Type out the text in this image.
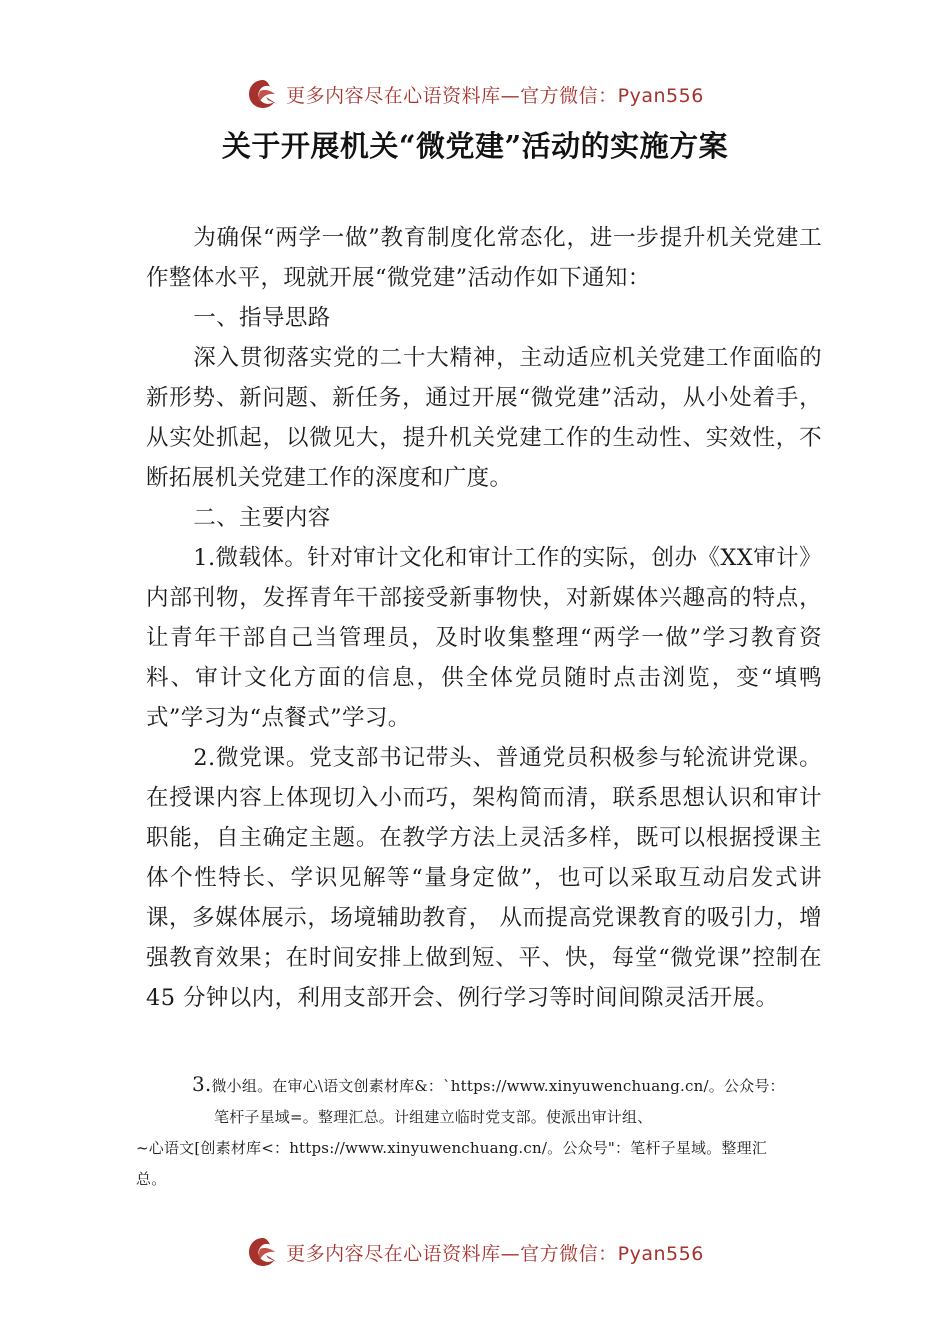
更多内容尽在心语资料库—官方微信：Pyan556
关于开展机关“微党建”活动的实施方案

为确保“两学一做”教育制度化常态化，进一步提升机关党建工作整体水平，现就开展“微党建”活动作如下通知：

一、指导思路

深入贯彻落实党的二十大精神，主动适应机关党建工作面临的新形势、新问题、新任务，通过开展“微党建”活动，从小处着手，从实处抓起，以微见大，提升机关党建工作的生动性、实效性，不断拓展机关党建工作的深度和广度。

二、主要内容

1.微载体。针对审计文化和审计工作的实际，创办《XX审计》内部刊物，发挥青年干部接受新事物快，对新媒体兴趣高的特点，让青年干部自己当管理员，及时收集整理“两学一做”学习教育资料、审计文化方面的信息，供全体党员随时点击浏览，变“填鸭式”学习为“点餐式”学习。

2.微党课。党支部书记带头、普通党员积极参与轮流讲党课。在授课内容上体现切入小而巧，架构简而清，联系思想认识和审计职能，自主确定主题。在教学方法上灵活多样，既可以根据授课主体个性特长、学识见解等“量身定做”，也可以采取互动启发式讲课，多媒体展示，场境辅助教育， 从而提高党课教育的吸引力，增强教育效果；在时间安排上做到短、平、快，每堂“微党课”控制在 45 分钟以内，利用支部开会、例行学习等时间间隙灵活开展。

3.微小组。在审心\语文创素材库&：`https://www.xinyuwenchuang.cn/。公众号：
笔杆子星域=。整理汇总。计组建立临时党支部。使派出审计组、
~心语文[创素材库<：https://www.xinyuwenchuang.cn/。公众号"：笔杆子星域。整理汇
总。
更多内容尽在心语资料库—官方微信：Pyan556
